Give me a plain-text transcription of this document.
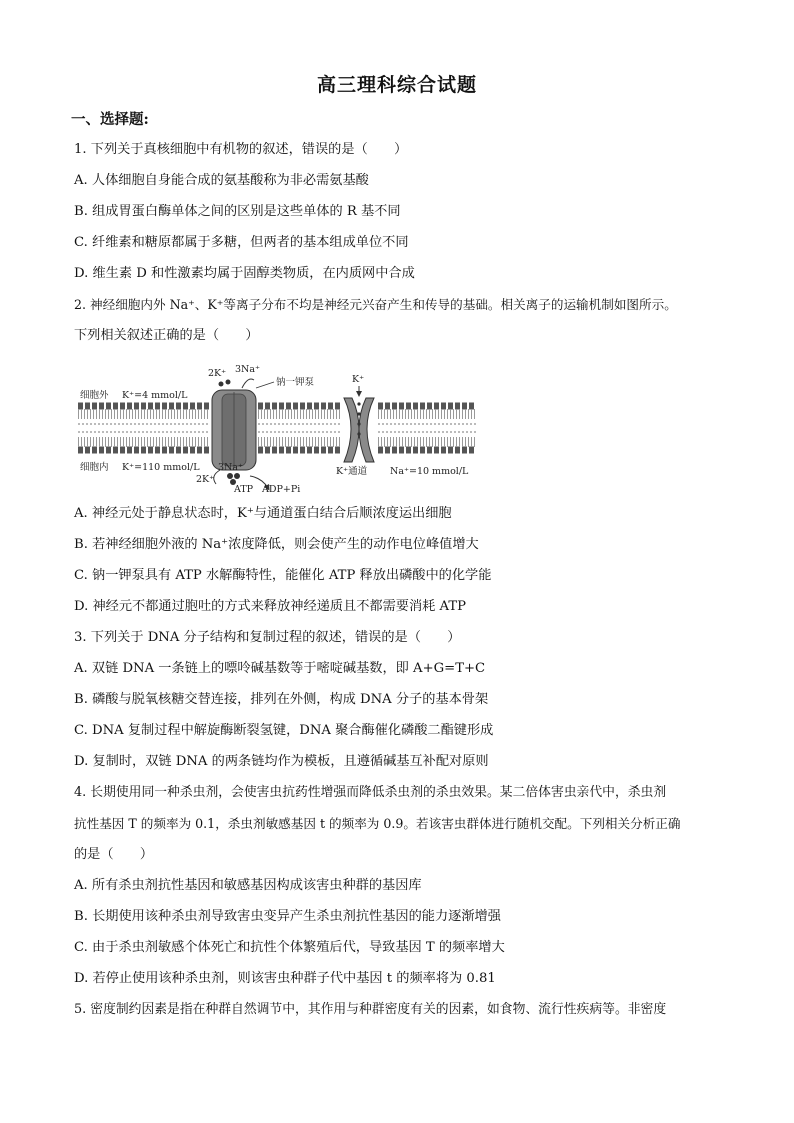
高三理科综合试题
一、选择题:
1. 下列关于真核细胞中有机物的叙述，错误的是（　　）
A. 人体细胞自身能合成的氨基酸称为非必需氨基酸
B. 组成胃蛋白酶单体之间的区别是这些单体的 R 基不同
C. 纤维素和糖原都属于多糖，但两者的基本组成单位不同
D. 维生素 D 和性激素均属于固醇类物质，在内质网中合成
2. 神经细胞内外 Na⁺、K⁺等离子分布不均是神经元兴奋产生和传导的基础。相关离子的运输机制如图所示。
下列相关叙述正确的是（　　）
细胞外 K⁺=4 mmol/L
细胞内 K⁺=110 mmol/L	Na⁺=10 mmol/L
2K⁺ 3Na⁺
钠一钾泵	K⁺
K⁺通道
3Na⁺
2K⁺
ATP ADP+Pi
A. 神经元处于静息状态时，K⁺与通道蛋白结合后顺浓度运出细胞
B. 若神经细胞外液的 Na⁺浓度降低，则会使产生的动作电位峰值增大
C. 钠一钾泵具有 ATP 水解酶特性，能催化 ATP 释放出磷酸中的化学能
D. 神经元不都通过胞吐的方式来释放神经递质且不都需要消耗 ATP
3. 下列关于 DNA 分子结构和复制过程的叙述，错误的是（　　）
A. 双链 DNA 一条链上的嘌呤碱基数等于嘧啶碱基数，即 A+G=T+C
B. 磷酸与脱氧核糖交替连接，排列在外侧，构成 DNA 分子的基本骨架
C. DNA 复制过程中解旋酶断裂氢键，DNA 聚合酶催化磷酸二酯键形成
D. 复制时，双链 DNA 的两条链均作为模板，且遵循碱基互补配对原则
4. 长期使用同一种杀虫剂，会使害虫抗药性增强而降低杀虫剂的杀虫效果。某二倍体害虫亲代中，杀虫剂
抗性基因 T 的频率为 0.1，杀虫剂敏感基因 t 的频率为 0.9。若该害虫群体进行随机交配。下列相关分析正确
的是（　　）
A. 所有杀虫剂抗性基因和敏感基因构成该害虫种群的基因库
B. 长期使用该种杀虫剂导致害虫变异产生杀虫剂抗性基因的能力逐渐增强
C. 由于杀虫剂敏感个体死亡和抗性个体繁殖后代，导致基因 T 的频率增大
D. 若停止使用该种杀虫剂，则该害虫种群子代中基因 t 的频率将为 0.81
5. 密度制约因素是指在种群自然调节中，其作用与种群密度有关的因素，如食物、流行性疾病等。非密度
